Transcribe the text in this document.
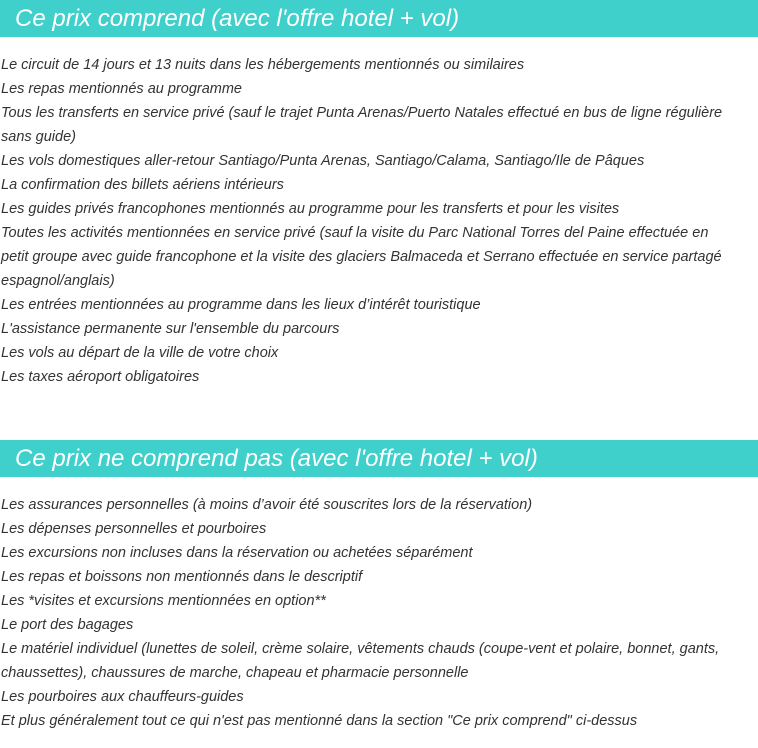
Ce prix comprend (avec l'offre hotel + vol)
Le circuit de 14 jours et 13 nuits dans les hébergements mentionnés ou similaires
Les repas mentionnés au programme
Tous les transferts en service privé (sauf le trajet Punta Arenas/Puerto Natales effectué en bus de ligne régulière sans guide)
Les vols domestiques aller-retour Santiago/Punta Arenas, Santiago/Calama, Santiago/Ile de Pâques
La confirmation des billets aériens intérieurs
Les guides privés francophones mentionnés au programme pour les transferts et pour les visites
Toutes les activités mentionnées en service privé (sauf la visite du Parc National Torres del Paine effectuée en petit groupe avec guide francophone et la visite des glaciers Balmaceda et Serrano effectuée en service partagé espagnol/anglais)
Les entrées mentionnées au programme dans les lieux d’intérêt touristique
L'assistance permanente sur l'ensemble du parcours
Les vols au départ de la ville de votre choix
Les taxes aéroport obligatoires
Ce prix ne comprend pas (avec l'offre hotel + vol)
Les assurances personnelles (à moins d’avoir été souscrites lors de la réservation)
Les dépenses personnelles et pourboires
Les excursions non incluses dans la réservation ou achetées séparément
Les repas et boissons non mentionnés dans le descriptif
Les *visites et excursions mentionnées en option**
Le port des bagages
Le matériel individuel (lunettes de soleil, crème solaire, vêtements chauds (coupe-vent et polaire, bonnet, gants, chaussettes), chaussures de marche, chapeau et pharmacie personnelle
Les pourboires aux chauffeurs-guides
Et plus généralement tout ce qui n'est pas mentionné dans la section "Ce prix comprend" ci-dessus
